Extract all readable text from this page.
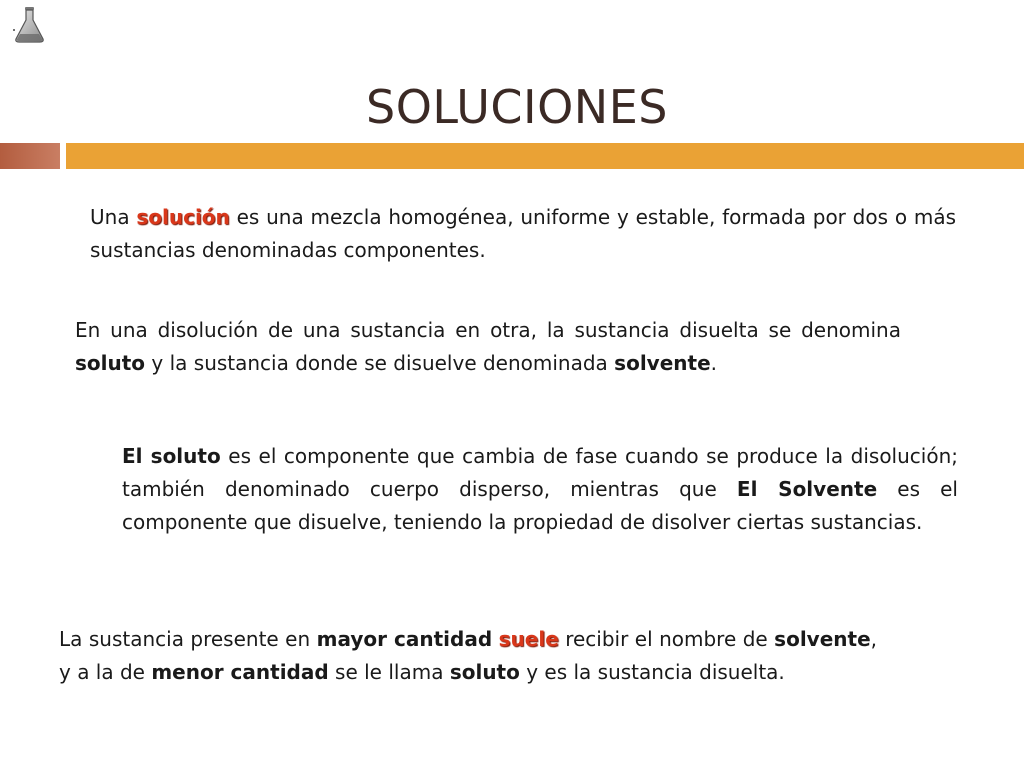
SOLUCIONES

Una solución es una mezcla homogénea, uniforme y estable, formada por dos o más sustancias denominadas componentes.

En una disolución de una sustancia en otra, la sustancia disuelta se denomina soluto y la sustancia donde se disuelve denominada solvente.

El soluto es el componente que cambia de fase cuando se produce la disolución; también denominado cuerpo disperso, mientras que El Solvente es el componente que disuelve, teniendo la propiedad de disolver ciertas sustancias.

La sustancia presente en mayor cantidad suele recibir el nombre de solvente, y a la de menor cantidad se le llama soluto y es la sustancia disuelta.
